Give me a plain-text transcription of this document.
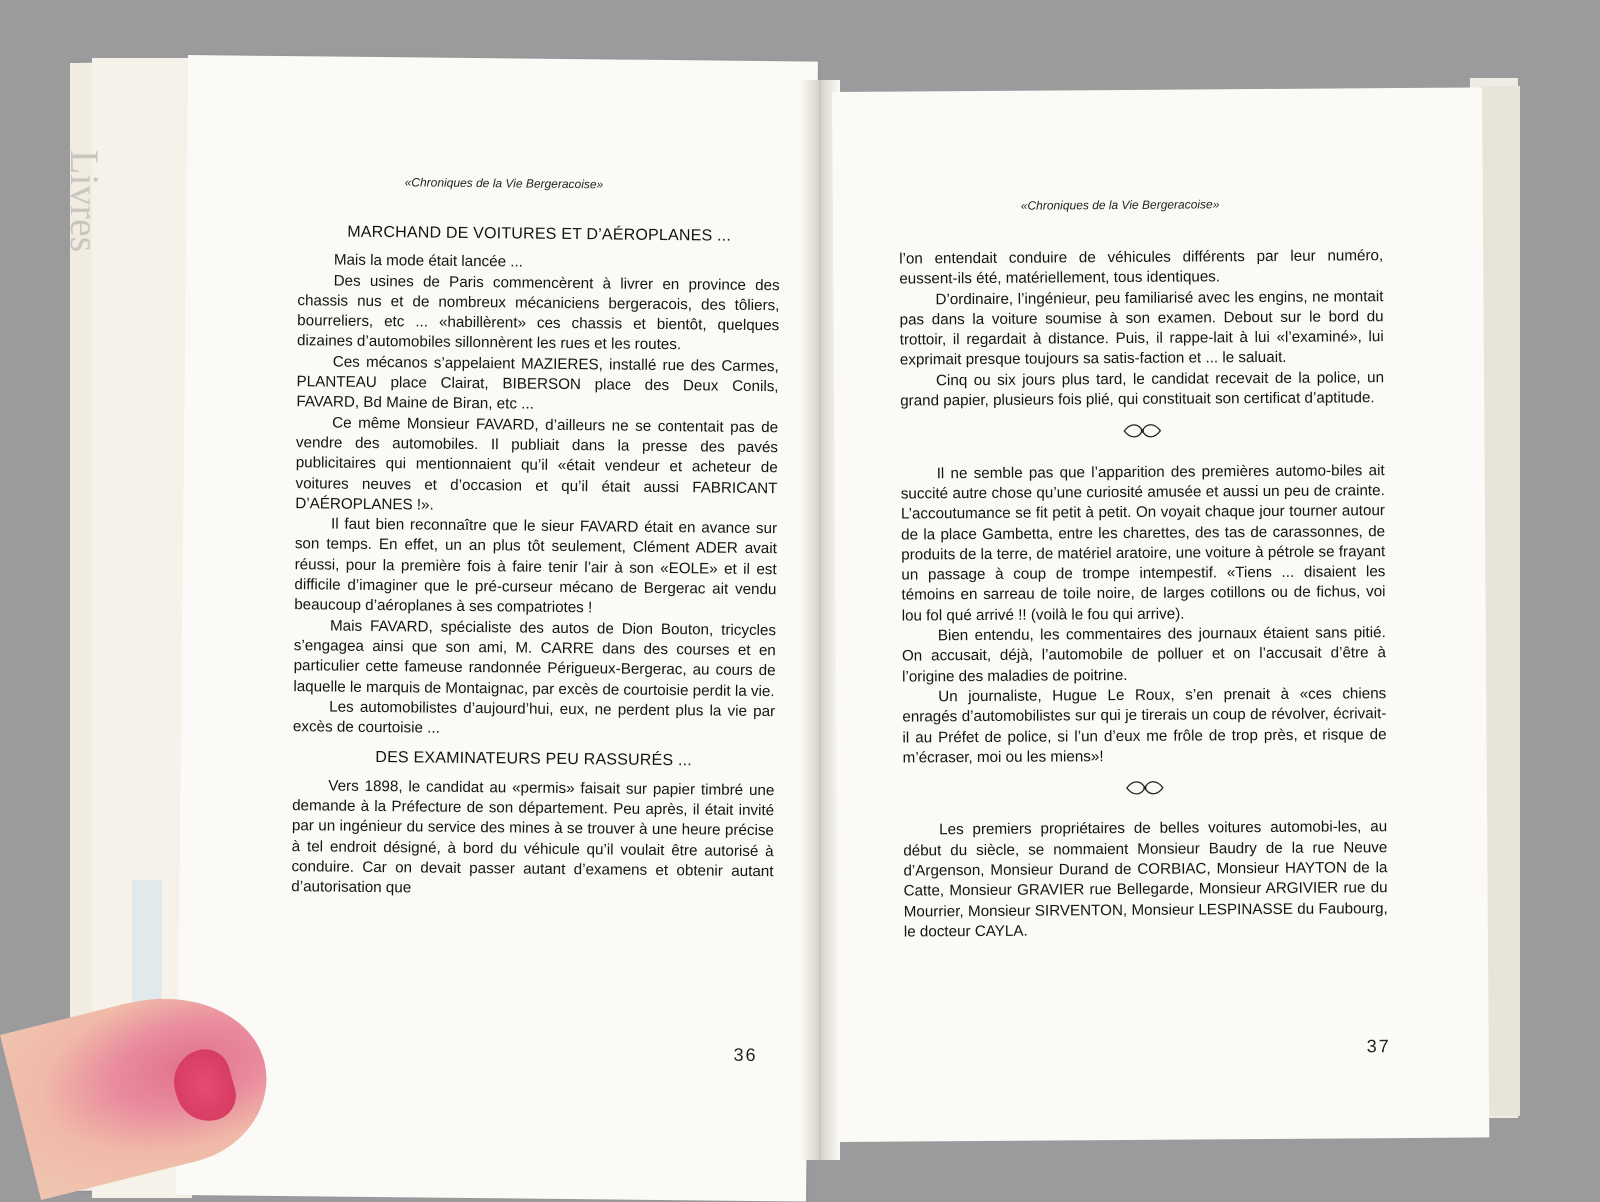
Livres	«Chroniques de la Vie Bergeracoise»
MARCHAND DE VOITURES ET D’AÉROPLANES ...

Mais la mode était lancée ...

Des usines de Paris commencèrent à livrer en province des chassis nus et de nombreux mécaniciens bergeracois, des tôliers, bourreliers, etc ... «habillèrent» ces chassis et bientôt, quelques dizaines d’automobiles sillonnèrent les rues et les routes.

Ces mécanos s’appelaient MAZIERES, installé rue des Carmes, PLANTEAU place Clairat, BIBERSON place des Deux Conils, FAVARD, Bd Maine de Biran, etc ...

Ce même Monsieur FAVARD, d’ailleurs ne se contentait pas de vendre des automobiles. Il publiait dans la presse des pavés publicitaires qui mentionnaient qu’il «était vendeur et acheteur de voitures neuves et d’occasion et qu’il était aussi FABRICANT D’AÉROPLANES !».

Il faut bien reconnaître que le sieur FAVARD était en avance sur son temps. En effet, un an plus tôt seulement, Clément ADER avait réussi, pour la première fois à faire tenir l’air à son «EOLE» et il est difficile d’imaginer que le pré-curseur mécano de Bergerac ait vendu beaucoup d’aéroplanes à ses compatriotes !

Mais FAVARD, spécialiste des autos de Dion Bouton, tricycles s’engagea ainsi que son ami, M. CARRE dans des courses et en particulier cette fameuse randonnée Périgueux-Bergerac, au cours de laquelle le marquis de Montaignac, par excès de courtoisie perdit la vie.

Les automobilistes d’aujourd’hui, eux, ne perdent plus la vie par excès de courtoisie ...

DES EXAMINATEURS PEU RASSURÉS ...

Vers 1898, le candidat au «permis» faisait sur papier timbré une demande à la Préfecture de son département. Peu après, il était invité par un ingénieur du service des mines à se trouver à une heure précise à tel endroit désigné, à bord du véhicule qu’il voulait être autorisé à conduire. Car on devait passer autant d’examens et obtenir autant d’autorisation que

36
«Chroniques de la Vie Bergeracoise»

l’on entendait conduire de véhicules différents par leur numéro, eussent-ils été, matériellement, tous identiques.

D’ordinaire, l’ingénieur, peu familiarisé avec les engins, ne montait pas dans la voiture soumise à son examen. Debout sur le bord du trottoir, il regardait à distance. Puis, il rappe-lait à lui «l’examiné», lui exprimait presque toujours sa satis-faction et ... le saluait.

Cinq ou six jours plus tard, le candidat recevait de la police, un grand papier, plusieurs fois plié, qui constituait son certificat d’aptitude.

Il ne semble pas que l’apparition des premières automo-biles ait succité autre chose qu’une curiosité amusée et aussi un peu de crainte. L’accoutumance se fit petit à petit. On voyait chaque jour tourner autour de la place Gambetta, entre les charettes, des tas de carassonnes, de produits de la terre, de matériel aratoire, une voiture à pétrole se frayant un passage à coup de trompe intempestif. «Tiens ... disaient les témoins en sarreau de toile noire, de larges cotillons ou de fichus, voi lou fol qué arrivé !! (voilà le fou qui arrive).

Bien entendu, les commentaires des journaux étaient sans pitié. On accusait, déjà, l’automobile de polluer et on l’accusait d’être à l’origine des maladies de poitrine.

Un journaliste, Hugue Le Roux, s’en prenait à «ces chiens enragés d’automobilistes sur qui je tirerais un coup de révolver, écrivait-il au Préfet de police, si l’un d’eux me frôle de trop près, et risque de m’écraser, moi ou les miens»!

Les premiers propriétaires de belles voitures automobi-les, au début du siècle, se nommaient Monsieur Baudry de la rue Neuve d’Argenson, Monsieur Durand de CORBIAC, Monsieur HAYTON de la Catte, Monsieur GRAVIER rue Bellegarde, Monsieur ARGIVIER rue du Mourrier, Monsieur SIRVENTON, Monsieur LESPINASSE du Faubourg, le docteur CAYLA.

37
